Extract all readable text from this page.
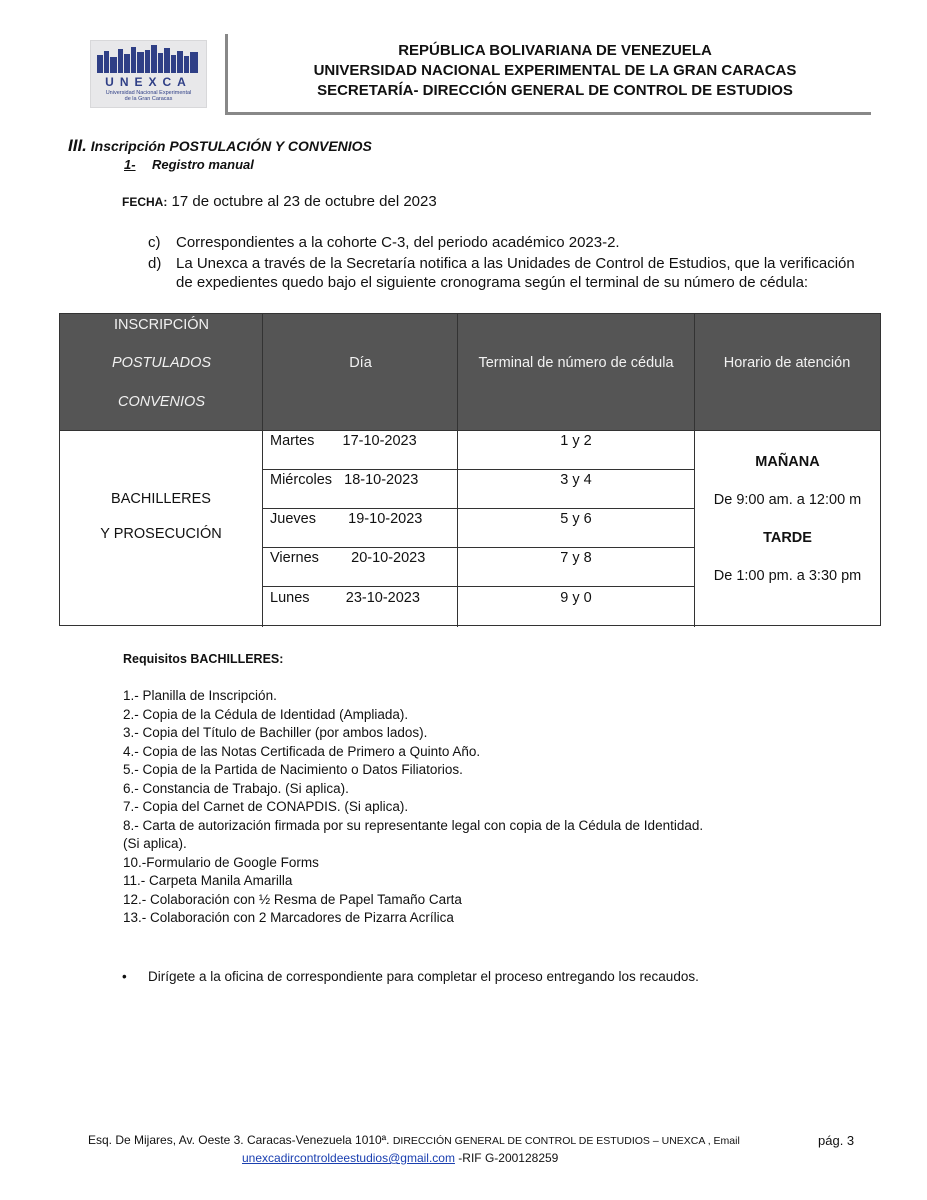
UNEXCA
Universidad Nacional Experimental
de la Gran Caracas
REPÚBLICA BOLIVARIANA DE VENEZUELA
UNIVERSIDAD NACIONAL EXPERIMENTAL DE LA GRAN CARACAS
SECRETARÍA- DIRECCIÓN GENERAL DE CONTROL DE ESTUDIOS
III. Inscripción POSTULACIÓN Y CONVENIOS
1- Registro manual
FECHA: 17 de octubre al 23 de octubre del 2023
c) Correspondientes a la cohorte C-3, del periodo académico 2023-2.
d) La Unexca a través de la Secretaría notifica a las Unidades de Control de Estudios, que la verificación
de expedientes quedo bajo el siguiente cronograma según el terminal de su número de cédula:
INSCRIPCIÓN
POSTULADOS
CONVENIOS
Día	Terminal de número de cédula	Horario de atención
BACHILLERES
Y PROSECUCIÓN
Martes       17-10-2023	1 y 2
Miércoles   18-10-2023	3 y 4
Jueves        19-10-2023	5 y 6
Viernes        20-10-2023	7 y 8
Lunes         23-10-2023	9 y 0
MAÑANA
De 9:00 am. a 12:00 m
TARDE
De 1:00 pm. a 3:30 pm
Requisitos BACHILLERES:
1.- Planilla de Inscripción.
2.- Copia de la Cédula de Identidad (Ampliada).
3.- Copia del Título de Bachiller (por ambos lados).
4.- Copia de las Notas Certificada de Primero a Quinto Año.
5.- Copia de la Partida de Nacimiento o Datos Filiatorios.
6.- Constancia de Trabajo. (Si aplica).
7.- Copia del Carnet de CONAPDIS. (Si aplica).
8.- Carta de autorización firmada por su representante legal con copia de la Cédula de Identidad.
(Si aplica).
10.-Formulario de Google Forms
11.- Carpeta Manila Amarilla
12.- Colaboración con ½ Resma de Papel Tamaño Carta
13.- Colaboración con 2 Marcadores de Pizarra Acrílica
• Dirígete a la oficina de correspondiente para completar el proceso entregando los recaudos.
Esq. De Mijares, Av. Oeste 3. Caracas-Venezuela 1010ª. DIRECCIÓN GENERAL DE CONTROL DE ESTUDIOS – UNEXCA , Email
unexcadircontroldeestudios@gmail.com -RIF G-200128259
pág. 3
